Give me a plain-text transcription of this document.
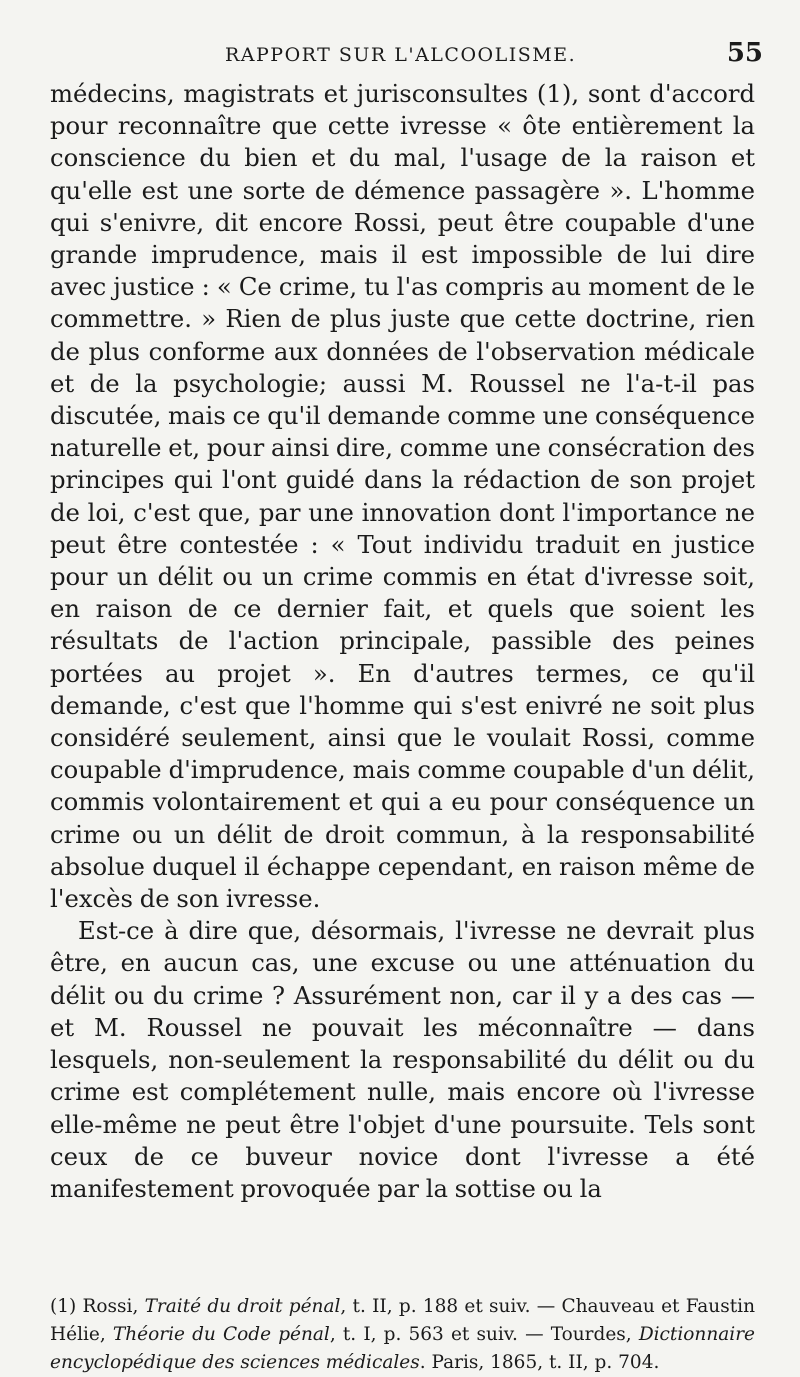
RAPPORT SUR L'ALCOOLISME.	55

médecins, magistrats et jurisconsultes (1), sont d'accord pour reconnaître que cette ivresse « ôte entièrement la conscience du bien et du mal, l'usage de la raison et qu'elle est une sorte de démence passagère ». L'homme qui s'enivre, dit encore Rossi, peut être coupable d'une grande imprudence, mais il est impossible de lui dire avec justice : « Ce crime, tu l'as compris au moment de le commettre. » Rien de plus juste que cette doctrine, rien de plus conforme aux données de l'observation médicale et de la psychologie; aussi M. Roussel ne l'a-t-il pas discutée, mais ce qu'il demande comme une conséquence naturelle et, pour ainsi dire, comme une consécration des principes qui l'ont guidé dans la rédaction de son projet de loi, c'est que, par une innovation dont l'importance ne peut être contestée : « Tout individu traduit en justice pour un délit ou un crime commis en état d'ivresse soit, en raison de ce dernier fait, et quels que soient les résultats de l'action principale, passible des peines portées au projet ». En d'autres termes, ce qu'il demande, c'est que l'homme qui s'est enivré ne soit plus considéré seulement, ainsi que le voulait Rossi, comme coupable d'imprudence, mais comme coupable d'un délit, commis volontairement et qui a eu pour conséquence un crime ou un délit de droit commun, à la responsabilité absolue duquel il échappe cependant, en raison même de l'excès de son ivresse.

Est-ce à dire que, désormais, l'ivresse ne devrait plus être, en aucun cas, une excuse ou une atténuation du délit ou du crime ? Assurément non, car il y a des cas — et M. Roussel ne pouvait les méconnaître — dans lesquels, non-seulement la responsabilité du délit ou du crime est complétement nulle, mais encore où l'ivresse elle-même ne peut être l'objet d'une poursuite. Tels sont ceux de ce buveur novice dont l'ivresse a été manifestement provoquée par la sottise ou la

(1) Rossi, Traité du droit pénal, t. II, p. 188 et suiv. — Chauveau et Faustin Hélie, Théorie du Code pénal, t. I, p. 563 et suiv. — Tourdes, Dictionnaire encyclopédique des sciences médicales. Paris, 1865, t. II, p. 704.
